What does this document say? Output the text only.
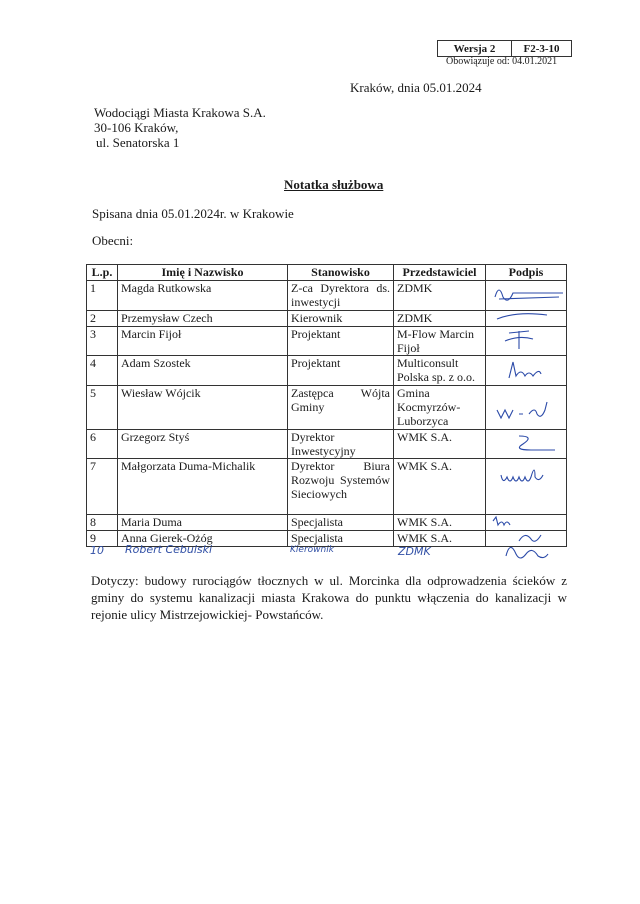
Wersja 2	F2-3-10
Obowiązuje od: 04.01.2021
Kraków, dnia 05.01.2024
Wodociągi Miasta Krakowa S.A.
30-106 Kraków,
ul. Senatorska 1
Notatka służbowa
Spisana dnia 05.01.2024r. w Krakowie
Obecni:
L.p.	Imię i Nazwisko	Stanowisko	Przedstawiciel	Podpis
1	Magda Rutkowska	Z-ca Dyrektora ds. inwestycji	ZDMK	
2	Przemysław Czech	Kierownik	ZDMK	
3	Marcin Fijoł	Projektant	M-Flow Marcin Fijoł	
4	Adam Szostek	Projektant	Multiconsult Polska sp. z o.o.	
5	Wiesław Wójcik	Zastępca Wójta Gminy	Gmina Kocmyrzów-Luborzyca	
6	Grzegorz Styś	Dyrektor Inwestycyjny	WMK S.A.	
7	Małgorzata Duma-Michalik	Dyrektor Biura Rozwoju Systemów Sieciowych	WMK S.A.	
8	Maria Duma	Specjalista	WMK S.A.	
9	Anna Gierek-Ożóg	Specjalista	WMK S.A.	
10 Robert Cebulski	Kierownik	ZDMK
Dotyczy: budowy rurociągów tłocznych w ul. Morcinka dla odprowadzenia ścieków z gminy do systemu kanalizacji miasta Krakowa do punktu włączenia do kanalizacji w rejonie ulicy Mistrzejowickiej- Powstańców.
